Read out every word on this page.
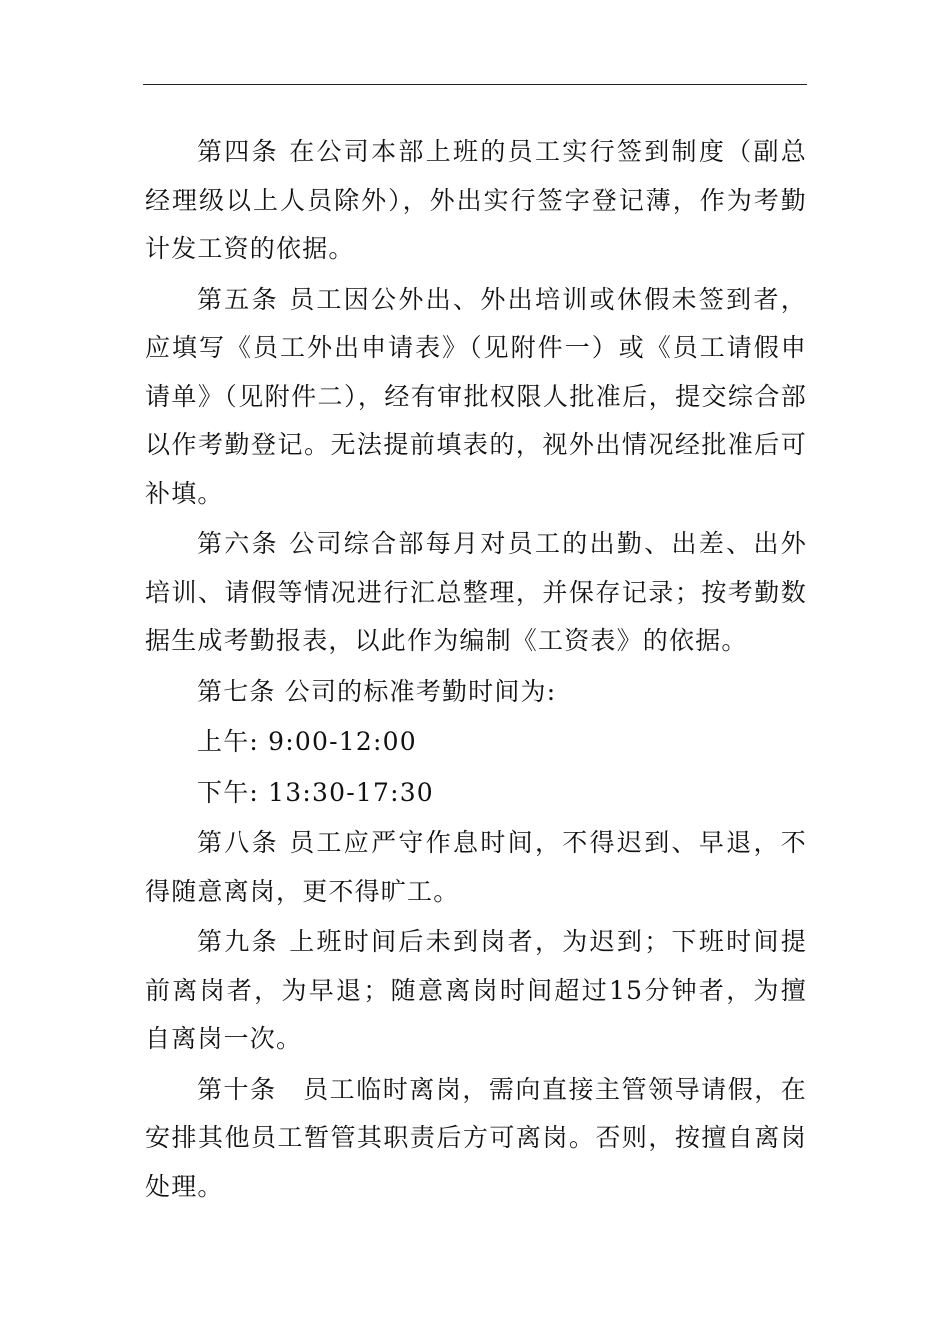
第四条 在公司本部上班的员工实行签到制度（副总经理级以上人员除外），外出实行签字登记薄，作为考勤计发工资的依据。

第五条 员工因公外出、外出培训或休假未签到者，应填写《员工外出申请表》（见附件一）或《员工请假申请单》（见附件二），经有审批权限人批准后，提交综合部以作考勤登记。无法提前填表的，视外出情况经批准后可补填。

第六条 公司综合部每月对员工的出勤、出差、出外培训、请假等情况进行汇总整理，并保存记录；按考勤数据生成考勤报表，以此作为编制《工资表》的依据。

第七条 公司的标准考勤时间为:

上午: 9:00-12:00

下午: 13:30-17:30

第八条 员工应严守作息时间，不得迟到、早退，不得随意离岗，更不得旷工。

第九条 上班时间后未到岗者，为迟到；下班时间提前离岗者，为早退；随意离岗时间超过15分钟者，为擅自离岗一次。

第十条　员工临时离岗，需向直接主管领导请假，在安排其他员工暂管其职责后方可离岗。否则，按擅自离岗处理。
